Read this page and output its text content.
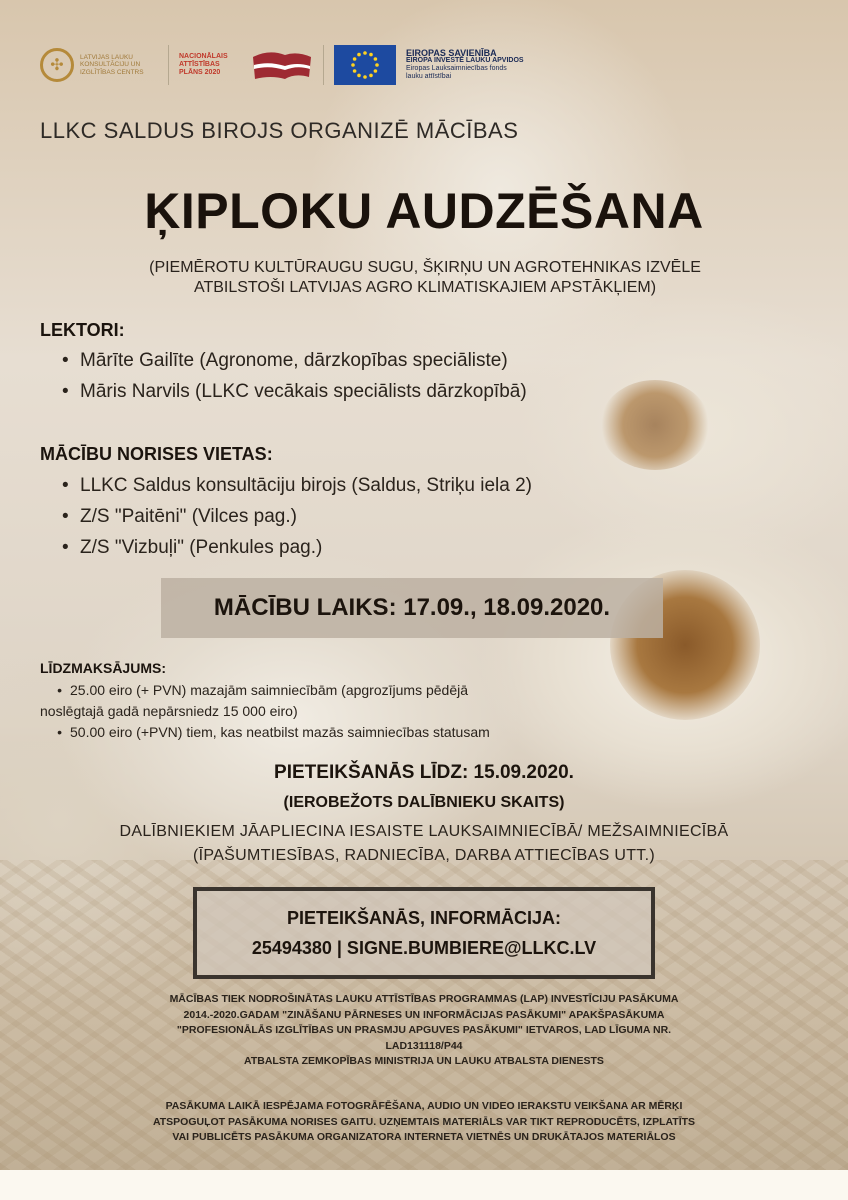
✣	LATVIJAS LAUKU KONSULTĀCIJU UN IZGLĪTĪBAS CENTRS
NACIONĀLAIS
ATTĪSTĪBAS
PLĀNS 2020
EIROPAS SAVIENĪBA
EIROPA INVESTĒ LAUKU APVIDOS
Eiropas Lauksaimniecības fonds
lauku attīstībai
LLKC SALDUS BIROJS ORGANIZĒ MĀCĪBAS
ĶIPLOKU AUDZĒŠANA
(PIEMĒROTU KULTŪRAUGU SUGU, ŠĶIRŅU UN AGROTEHNIKAS IZVĒLE
ATBILSTOŠI LATVIJAS AGRO KLIMATISKAJIEM APSTĀKĻIEM)
LEKTORI:
• Mārīte Gailīte (Agronome, dārzkopības speciāliste)
• Māris Narvils (LLKC vecākais speciālists dārzkopībā)
MĀCĪBU NORISES VIETAS:
• LLKC Saldus konsultāciju birojs (Saldus, Striķu iela 2)
• Z/S "Paitēni" (Vilces pag.)
• Z/S "Vizbuļi" (Penkules pag.)
MĀCĪBU LAIKS: 17.09., 18.09.2020.
LĪDZMAKSĀJUMS:
• 25.00 eiro (+ PVN) mazajām saimniecībām (apgrozījums pēdējā
noslēgtajā gadā nepārsniedz 15 000 eiro)
• 50.00 eiro (+PVN) tiem, kas neatbilst mazās saimniecības statusam
PIETEIKŠANĀS LĪDZ: 15.09.2020.
(IEROBEŽOTS DALĪBNIEKU SKAITS)
DALĪBNIEKIEM JĀAPLIECINA IESAISTE LAUKSAIMNIECĪBĀ/ MEŽSAIMNIECĪBĀ
(ĪPAŠUMTIESĪBAS, RADNIECĪBA, DARBA ATTIECĪBAS UTT.)
PIETEIKŠANĀS, INFORMĀCIJA:
25494380 | SIGNE.BUMBIERE@LLKC.LV
MĀCĪBAS TIEK NODROŠINĀTAS LAUKU ATTĪSTĪBAS PROGRAMMAS (LAP) INVESTĪCIJU PASĀKUMA
2014.-2020.GADAM "ZINĀŠANU PĀRNESES UN INFORMĀCIJAS PASĀKUMI" APAKŠPASĀKUMA
"PROFESIONĀLĀS IZGLĪTĪBAS UN PRASMJU APGUVES PASĀKUMI" IETVAROS, LAD LĪGUMA NR.
LAD131118/P44
ATBALSTA ZEMKOPĪBAS MINISTRIJA UN LAUKU ATBALSTA DIENESTS
PASĀKUMA LAIKĀ IESPĒJAMA FOTOGRĀFĒŠANA, AUDIO UN VIDEO IERAKSTU VEIKŠANA AR MĒRĶI
ATSPOGUĻOT PASĀKUMA NORISES GAITU. UZŅEMTAIS MATERIĀLS VAR TIKT REPRODUCĒTS, IZPLATĪTS
VAI PUBLICĒTS PASĀKUMA ORGANIZATORA INTERNETA VIETNĒS UN DRUKĀTAJOS MATERIĀLOS
